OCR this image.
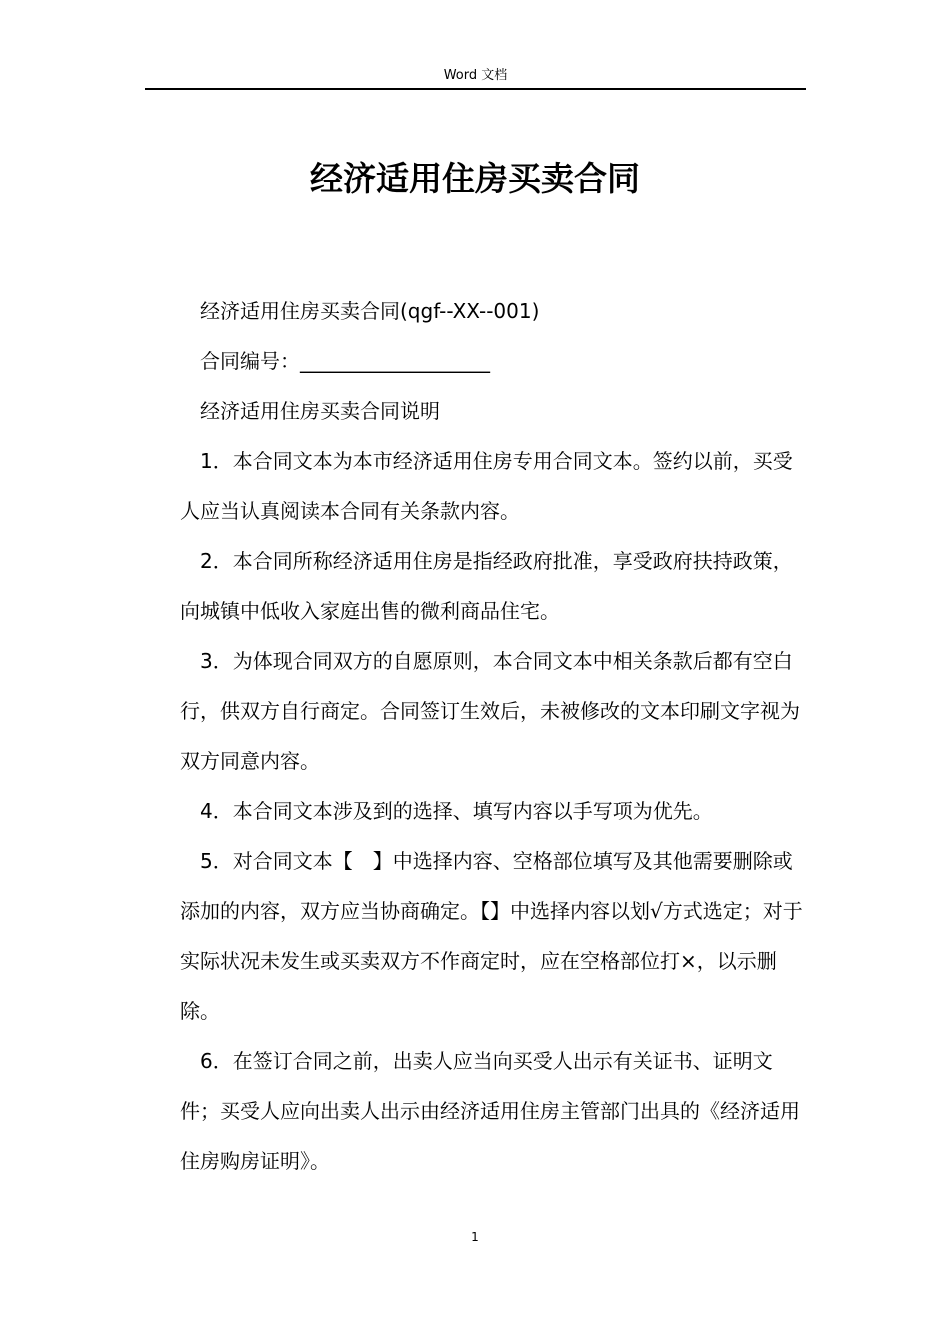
Word 文档
经济适用住房买卖合同

经济适用住房买卖合同(qgf--XX--001)

合同编号：___________________

经济适用住房买卖合同说明

1．本合同文本为本市经济适用住房专用合同文本。签约以前，买受人应当认真阅读本合同有关条款内容。

2．本合同所称经济适用住房是指经政府批准，享受政府扶持政策，向城镇中低收入家庭出售的微利商品住宅。

3．为体现合同双方的自愿原则，本合同文本中相关条款后都有空白行，供双方自行商定。合同签订生效后，未被修改的文本印刷文字视为双方同意内容。

4．本合同文本涉及到的选择、填写内容以手写项为优先。

5．对合同文本【　】中选择内容、空格部位填写及其他需要删除或添加的内容，双方应当协商确定。【】中选择内容以划√方式选定；对于实际状况未发生或买卖双方不作商定时，应在空格部位打×，以示删除。

6．在签订合同之前，出卖人应当向买受人出示有关证书、证明文件；买受人应向出卖人出示由经济适用住房主管部门出具的《经济适用住房购房证明》。

1
